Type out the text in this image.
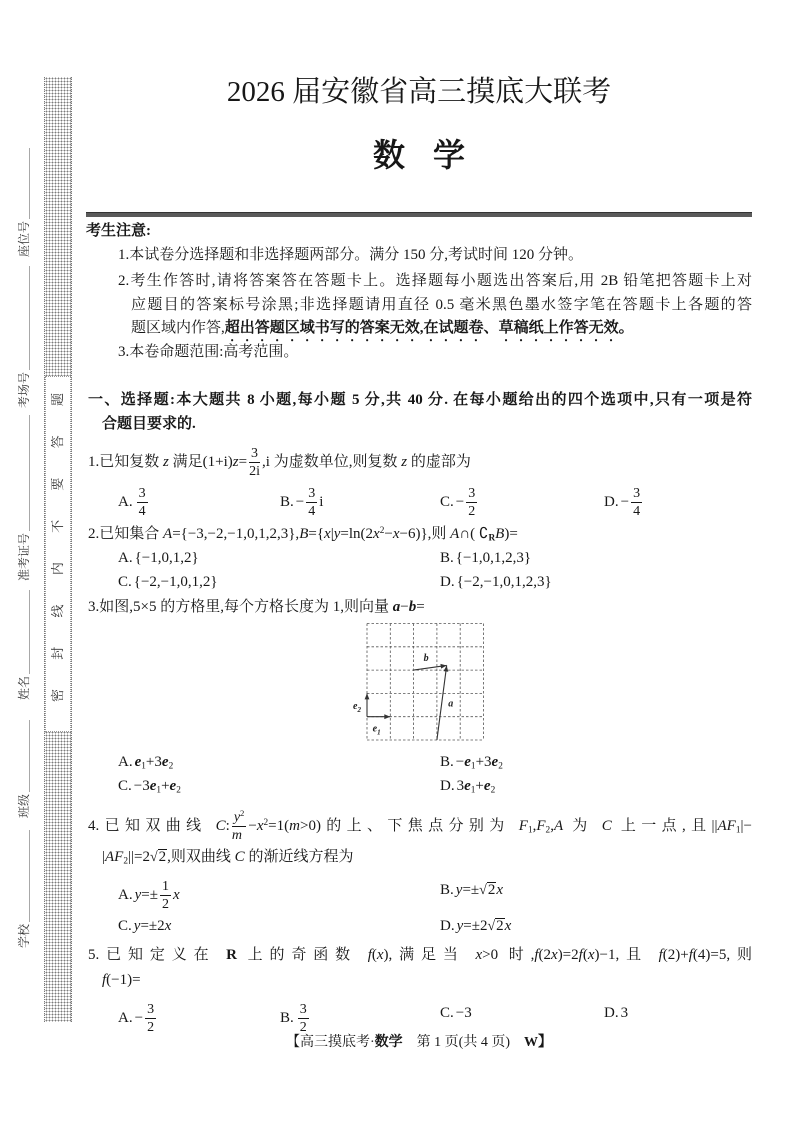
密
封
线
内
不
要
答
题
座位号
考场号
准考证号
姓名
班级
学校
2026 届安徽省高三摸底大联考
数学
考生注意:
1.本试卷分选择题和非选择题两部分。满分 150 分,考试时间 120 分钟。
2.考生作答时,请将答案答在答题卡上。选择题每小题选出答案后,用 2B 铅笔把答题卡上对
应题目的答案标号涂黑;非选择题请用直径 0.5 毫米黑色墨水签字笔在答题卡上各题的答
题区域内作答,超出答题区域书写的答案无效,在试题卷、草稿纸上作答无效。
3.本卷命题范围:高考范围。
一、选择题:本大题共 8 小题,每小题 5 分,共 40 分. 在每小题给出的四个选项中,只有一项是符
合题目要求的.
1.已知复数 z 满足$(1+i)z= \frac{3}{2i} ,i$ 为虚数单位,则复数 z 的虚部为
A. $\frac{3}{4}$	B. − $\frac{3}{4}$ i	C. − $\frac{3}{2}$	D. − $\frac{3}{4}$
2.已知集合 $A=\{-3,-2,-1,0,1,2,3\},B=\{x|y=\ln(2x^2-x-6)\}$,则 A∩( $∁_RB)=$
A. {−1,0,1,2}	B. {−1,0,1,2,3}
C. {−2,−1,0,1,2}	D. {−2,−1,0,1,2,3}
3.如图,5×5 的方格里,每个方格长度为 1,则向量 a−b=
a
b
$e_1$
$e_2$
A. $e_1+3e_2$	B. $-e_1+3e_2$
C. $-3e_1+e_2$	D. $3e_1+e_2$
4.已知双曲线 C: $\frac{y^2}{m} -x^2=1(m>0)$的上、下焦点分别为 $F_1,F_2,A$ 为 C 上一点,且$||AF_1|-$
$|AF_2||=2√2$,则双曲线 C 的渐近线方程为
A. $y=\pm \frac{1}{2}$ x	B. y=±√2x
C. y=±2x	D. y=±2√2x
5.已知定义在 R 上的奇函数 f(x),满足当 x>0 时,f(2x)=2f(x)−1,且 f(2)+f(4)=5,则
f(−1)=
A. − $\frac{3}{2}$	B. $\frac{3}{2}$	C. −3	D. 3
【高三摸底考·数学　第 1 页(共 4 页)　W】
